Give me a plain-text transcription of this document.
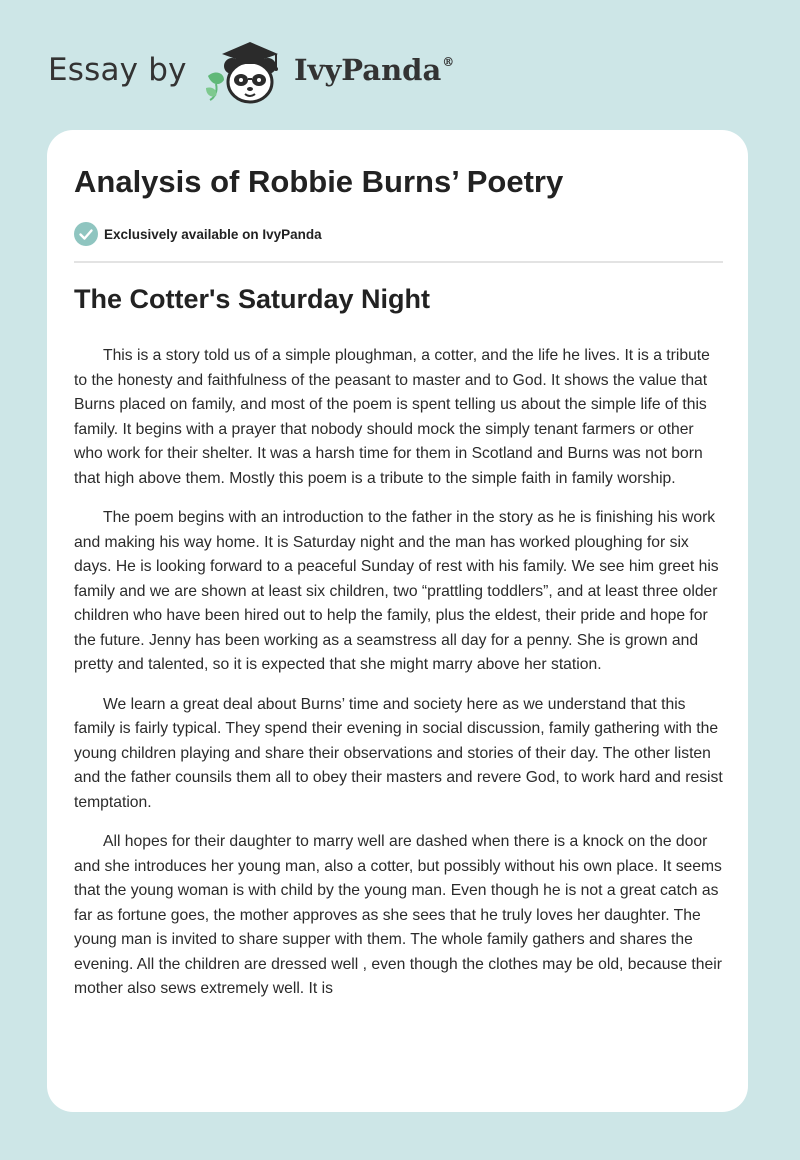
Essay by	IvyPanda®
Analysis of Robbie Burns’ Poetry
Exclusively available on IvyPanda
The Cotter's Saturday Night

This is a story told us of a simple ploughman, a cotter, and the life he lives. It is a tribute to the honesty and faithfulness of the peasant to master and to God. It shows the value that Burns placed on family, and most of the poem is spent telling us about the simple life of this family. It begins with a prayer that nobody should mock the simply tenant farmers or other who work for their shelter. It was a harsh time for them in Scotland and Burns was not born that high above them. Mostly this poem is a tribute to the simple faith in family worship.

The poem begins with an introduction to the father in the story as he is finishing his work and making his way home. It is Saturday night and the man has worked ploughing for six days. He is looking forward to a peaceful Sunday of rest with his family. We see him greet his family and we are shown at least six children, two “prattling toddlers”, and at least three older children who have been hired out to help the family, plus the eldest, their pride and hope for the future. Jenny has been working as a seamstress all day for a penny. She is grown and pretty and talented, so it is expected that she might marry above her station.

We learn a great deal about Burns’ time and society here as we understand that this family is fairly typical. They spend their evening in social discussion, family gathering with the young children playing and share their observations and stories of their day. The other listen and the father counsils them all to obey their masters and revere God, to work hard and resist temptation.

All hopes for their daughter to marry well are dashed when there is a knock on the door and she introduces her young man, also a cotter, but possibly without his own place. It seems that the young woman is with child by the young man. Even though he is not a great catch as far as fortune goes, the mother approves as she sees that he truly loves her daughter. The young man is invited to share supper with them. The whole family gathers and shares the evening. All the children are dressed well , even though the clothes may be old, because their mother also sews extremely well. It is
